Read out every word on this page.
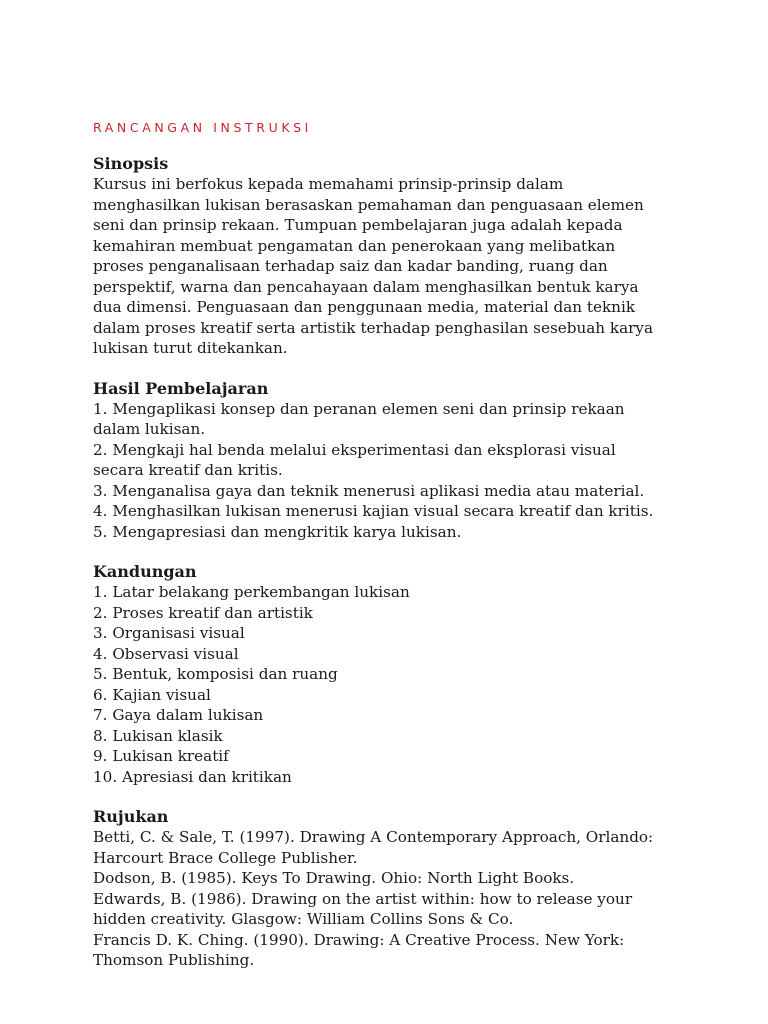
RANCANGAN INSTRUKSI
Sinopsis
Kursus ini berfokus kepada memahami prinsip-prinsip dalam
menghasilkan lukisan berasaskan pemahaman dan penguasaan elemen
seni dan prinsip rekaan. Tumpuan pembelajaran juga adalah kepada
kemahiran membuat pengamatan dan penerokaan yang melibatkan
proses penganalisaan terhadap saiz dan kadar banding, ruang dan
perspektif, warna dan pencahayaan dalam menghasilkan bentuk karya
dua dimensi. Penguasaan dan penggunaan media, material dan teknik
dalam proses kreatif serta artistik terhadap penghasilan sesebuah karya
lukisan turut ditekankan.
Hasil Pembelajaran
1. Mengaplikasi konsep dan peranan elemen seni dan prinsip rekaan
dalam lukisan.
2. Mengkaji hal benda melalui eksperimentasi dan eksplorasi visual
secara kreatif dan kritis.
3. Menganalisa gaya dan teknik menerusi aplikasi media atau material.
4. Menghasilkan lukisan menerusi kajian visual secara kreatif dan kritis.
5. Mengapresiasi dan mengkritik karya lukisan.
Kandungan
1. Latar belakang perkembangan lukisan
2. Proses kreatif dan artistik
3. Organisasi visual
4. Observasi visual
5. Bentuk, komposisi dan ruang
6. Kajian visual
7. Gaya dalam lukisan
8. Lukisan klasik
9. Lukisan kreatif
10. Apresiasi dan kritikan
Rujukan
Betti, C. & Sale, T. (1997). Drawing A Contemporary Approach, Orlando:
Harcourt Brace College Publisher.
Dodson, B. (1985). Keys To Drawing. Ohio: North Light Books.
Edwards, B. (1986). Drawing on the artist within: how to release your
hidden creativity. Glasgow: William Collins Sons & Co.
Francis D. K. Ching. (1990). Drawing: A Creative Process. New York:
Thomson Publishing.
